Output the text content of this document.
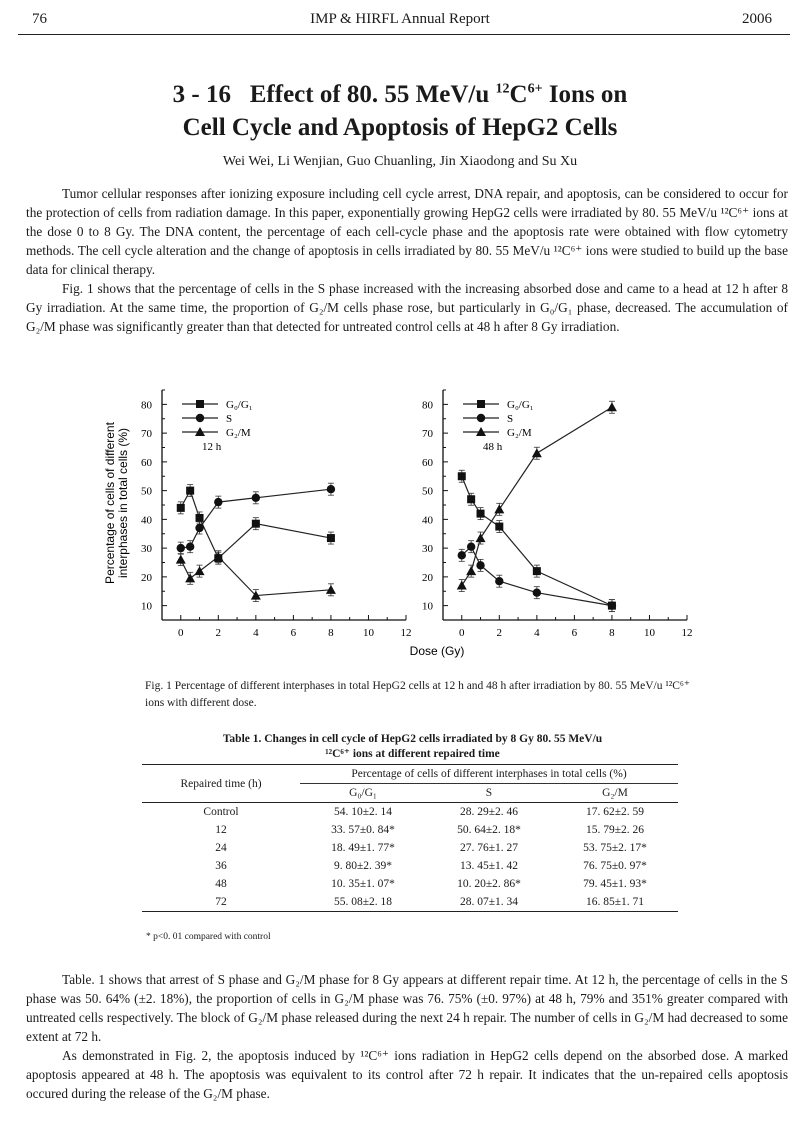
76	IMP & HIRFL Annual Report	2006
3 - 16 Effect of 80. 55 MeV/u $^{12}C^{6+}$ Ions on
Cell Cycle and Apoptosis of HepG2 Cells
Wei Wei, Li Wenjian, Guo Chuanling, Jin Xiaodong and Su Xu

Tumor cellular responses after ionizing exposure including cell cycle arrest, DNA repair, and apoptosis, can be considered to occur for the protection of cells from radiation damage. In this paper, exponentially growing HepG2 cells were irradiated by 80. 55 MeV/u ¹²C⁶⁺ ions at the dose 0 to 8 Gy. The DNA content, the percentage of each cell-cycle phase and the apoptosis rate were obtained with flow cytometry methods. The cell cycle alteration and the change of apoptosis in cells irradiated by 80. 55 MeV/u ¹²C⁶⁺ ions were studied to build up the base data for clinical therapy.

Fig. 1 shows that the percentage of cells in the S phase increased with the increasing absorbed dose and came to a head at 12 h after 8 Gy irradiation. At the same time, the proportion of G₂/M cells phase rose, but particularly in G₀/G₁ phase, decreased. The accumulation of G₂/M phase was significantly greater than that detected for untreated control cells at 48 h after 8 Gy irradiation.

Percentage of cells of different interphases in total cells (%)
10
20
30
40
50
60
70
80
0	2	4	6	8	10 12
G₀/G₁
S
G₂/M
12 h
10
20
30
40
50
60
70
80
0	2	4	6	8	10 12
G₀/G₁
S
G₂/M
48 h
Dose (Gy)
Fig. 1 Percentage of different interphases in total HepG2 cells at 12 h and 48 h after irradiation by 80. 55 MeV/u ¹²C⁶⁺ ions with different dose.
Table 1. Changes in cell cycle of HepG2 cells irradiated by 8 Gy 80. 55 MeV/u
¹²C⁶⁺ ions at different repaired time
Repaired time (h)	Percentage of cells of different interphases in total cells (%)		
	G₀/G₁	S	G₂/M
Control	54. 10±2. 14	28. 29±2. 46	17. 62±2. 59
12	33. 57±0. 84*	50. 64±2. 18*	15. 79±2. 26
24	18. 49±1. 77*	27. 76±1. 27	53. 75±2. 17*
36	9. 80±2. 39*	13. 45±1. 42	76. 75±0. 97*
48	10. 35±1. 07*	10. 20±2. 86*	79. 45±1. 93*
72	55. 08±2. 18	28. 07±1. 34	16. 85±1. 71
* p<0. 01 compared with control

Table. 1 shows that arrest of S phase and G₂/M phase for 8 Gy appears at different repair time. At 12 h, the percentage of cells in the S phase was 50. 64% (±2. 18%), the proportion of cells in G₂/M phase was 76. 75% (±0. 97%) at 48 h, 79% and 351% greater compared with untreated cells respectively. The block of G₂/M phase released during the next 24 h repair. The number of cells in G₂/M had decreased to some extent at 72 h.

As demonstrated in Fig. 2, the apoptosis induced by ¹²C⁶⁺ ions radiation in HepG2 cells depend on the absorbed dose. A marked apoptosis appeared at 48 h. The apoptosis was equivalent to its control after 72 h repair. It indicates that the un-repaired cells apoptosis occured during the release of the G₂/M phase.
